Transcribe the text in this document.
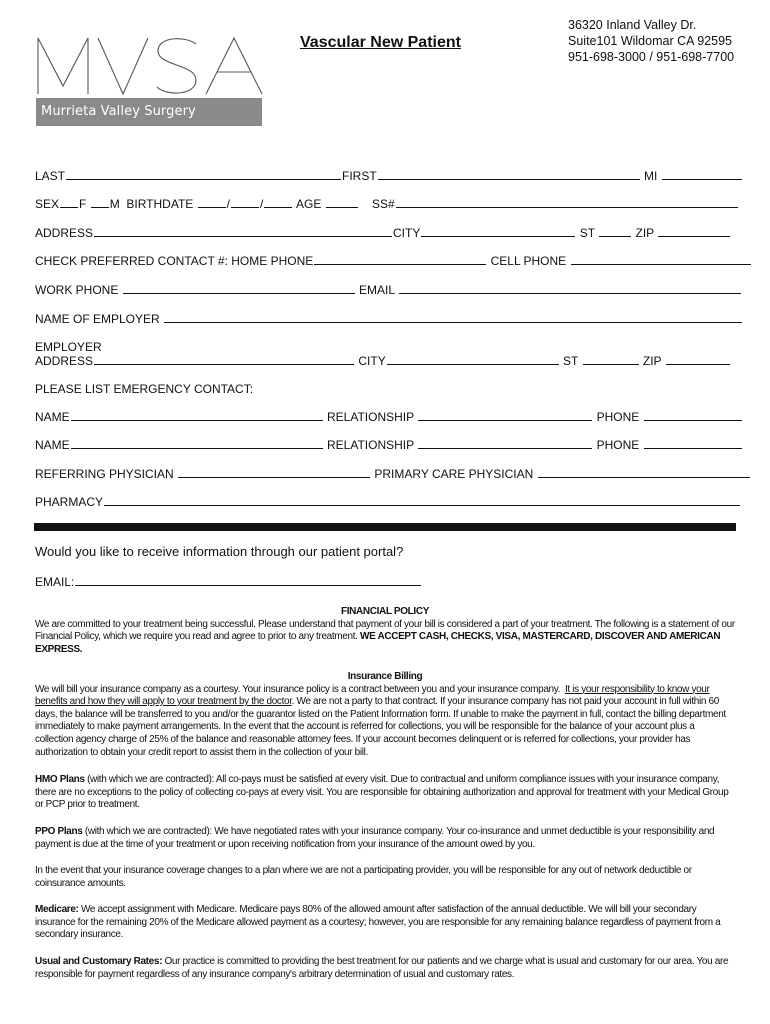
Murrieta Valley Surgery Associates
Vascular New Patient
36320 Inland Valley Dr.
Suite101 Wildomar CA 92595
951-698-3000 / 951-698-7700
LAST	FIRST	MI
SEX F M BIRTHDATE	/	/	AGE	SS#
ADDRESS	CITY	ST	ZIP
CHECK PREFERRED CONTACT #: HOME PHONE	CELL PHONE
WORK PHONE	EMAIL
NAME OF EMPLOYER
EMPLOYER
ADDRESS	CITY	ST	ZIP
PLEASE LIST EMERGENCY CONTACT:
NAME	RELATIONSHIP	PHONE
NAME	RELATIONSHIP	PHONE
REFERRING PHYSICIAN	PRIMARY CARE PHYSICIAN
PHARMACY
Would you like to receive information through our patient portal?
EMAIL:
FINANCIAL POLICY
We are committed to your treatment being successful. Please understand that payment of your bill is considered a part of your treatment. The following is a statement of our Financial Policy, which we require you read and agree to prior to any treatment. WE ACCEPT CASH, CHECKS, VISA, MASTERCARD, DISCOVER AND AMERICAN EXPRESS.
Insurance Billing
We will bill your insurance company as a courtesy. Your insurance policy is a contract between you and your insurance company. It is your responsibility to know your benefits and how they will apply to your treatment by the doctor. We are not a party to that contract. If your insurance company has not paid your account in full within 60 days, the balance will be transferred to you and/or the guarantor listed on the Patient Information form. If unable to make the payment in full, contact the billing department immediately to make payment arrangements. In the event that the account is referred for collections, you will be responsible for the balance of your account plus a collection agency charge of 25% of the balance and reasonable attorney fees. If your account becomes delinquent or is referred for collections, your provider has authorization to obtain your credit report to assist them in the collection of your bill.
HMO Plans (with which we are contracted): All co-pays must be satisfied at every visit. Due to contractual and uniform compliance issues with your insurance company, there are no exceptions to the policy of collecting co-pays at every visit. You are responsible for obtaining authorization and approval for treatment with your Medical Group or PCP prior to treatment.
PPO Plans (with which we are contracted): We have negotiated rates with your insurance company. Your co-insurance and unmet deductible is your responsibility and payment is due at the time of your treatment or upon receiving notification from your insurance of the amount owed by you.
In the event that your insurance coverage changes to a plan where we are not a participating provider, you will be responsible for any out of network deductible or coinsurance amounts.
Medicare: We accept assignment with Medicare. Medicare pays 80% of the allowed amount after satisfaction of the annual deductible. We will bill your secondary insurance for the remaining 20% of the Medicare allowed payment as a courtesy; however, you are responsible for any remaining balance regardless of payment from a secondary insurance.
Usual and Customary Rates: Our practice is committed to providing the best treatment for our patients and we charge what is usual and customary for our area. You are responsible for payment regardless of any insurance company's arbitrary determination of usual and customary rates.
